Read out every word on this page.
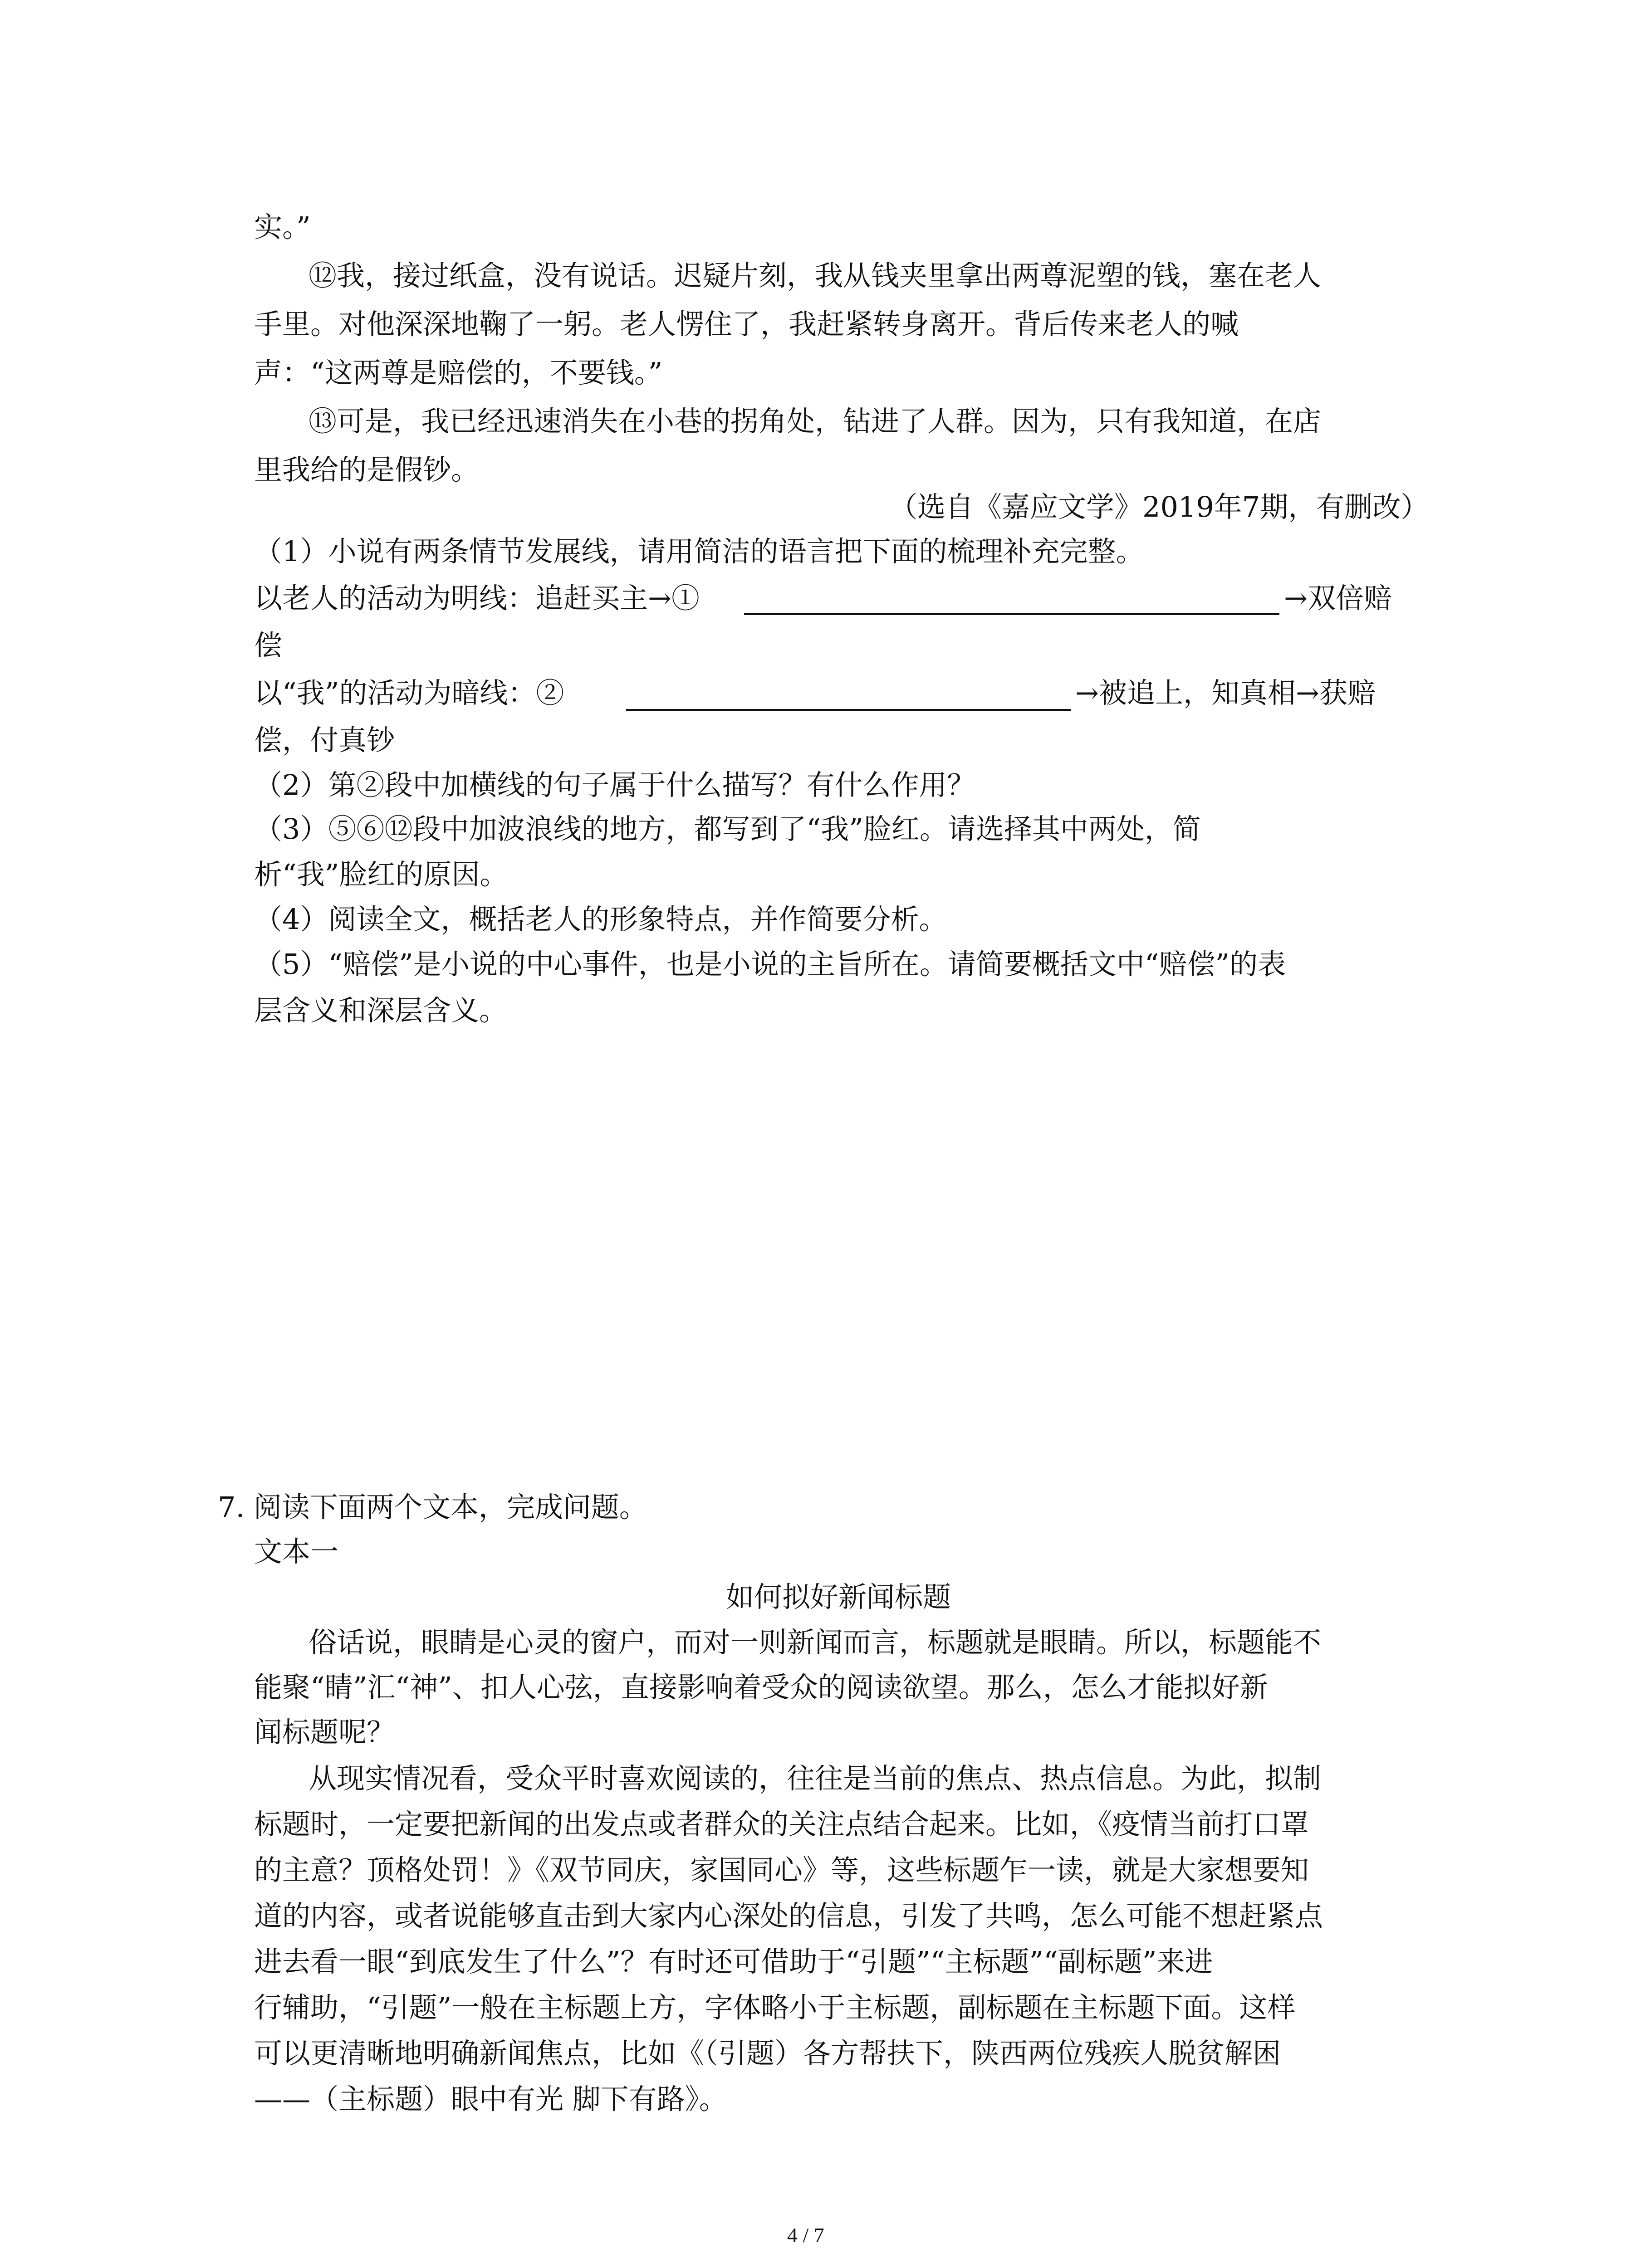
实。”
⑫我，接过纸盒，没有说话。迟疑片刻，我从钱夹里拿出两尊泥塑的钱，塞在老人
手里。对他深深地鞠了一躬。老人愣住了，我赶紧转身离开。背后传来老人的喊
声：“这两尊是赔偿的，不要钱。”
⑬可是，我已经迅速消失在小巷的拐角处，钻进了人群。因为，只有我知道，在店
里我给的是假钞。
（选自《嘉应文学》2019年7期，有删改）
（1）小说有两条情节发展线，请用简洁的语言把下面的梳理补充完整。
以老人的活动为明线：追赶买主→①	→双倍赔
偿
以“我”的活动为暗线：②	→被追上，知真相→获赔
偿，付真钞
（2）第②段中加横线的句子属于什么描写？有什么作用？
（3）⑤⑥⑫段中加波浪线的地方，都写到了“我”脸红。请选择其中两处，简
析“我”脸红的原因。
（4）阅读全文，概括老人的形象特点，并作简要分析。
（5）“赔偿”是小说的中心事件，也是小说的主旨所在。请简要概括文中“赔偿”的表
层含义和深层含义。
7. 阅读下面两个文本，完成问题。
文本一
如何拟好新闻标题
俗话说，眼睛是心灵的窗户，而对一则新闻而言，标题就是眼睛。所以，标题能不
能聚“睛”汇“神”、扣人心弦，直接影响着受众的阅读欲望。那么，怎么才能拟好新
闻标题呢？
从现实情况看，受众平时喜欢阅读的，往往是当前的焦点、热点信息。为此，拟制
标题时，一定要把新闻的出发点或者群众的关注点结合起来。比如，《疫情当前打口罩
的主意？顶格处罚！》《双节同庆，家国同心》等，这些标题乍一读，就是大家想要知
道的内容，或者说能够直击到大家内心深处的信息，引发了共鸣，怎么可能不想赶紧点
进去看一眼“到底发生了什么”？有时还可借助于“引题”“主标题”“副标题”来进
行辅助，“引题”一般在主标题上方，字体略小于主标题，副标题在主标题下面。这样
可以更清晰地明确新闻焦点，比如《（引题）各方帮扶下，陕西两位残疾人脱贫解困
——（主标题）眼中有光 脚下有路》。
4 / 7
